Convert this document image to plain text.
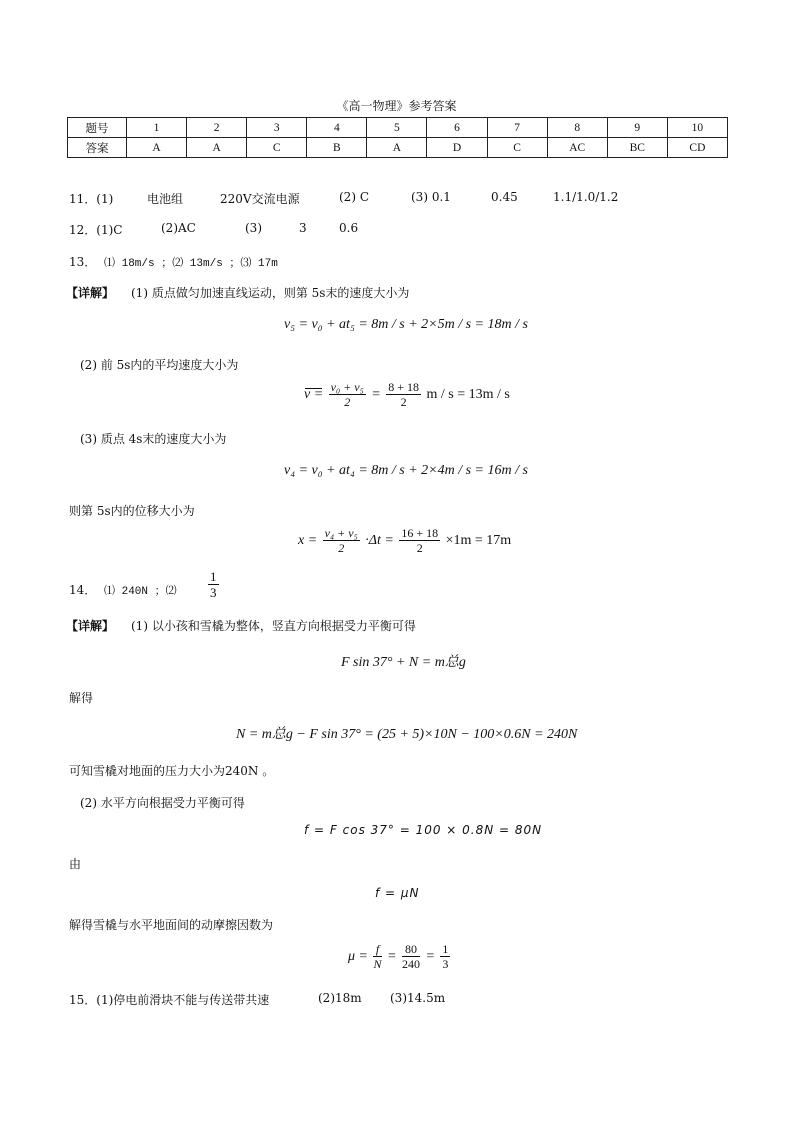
《高一物理》参考答案
题号	1	2	3	4	5	6	7	8	9	10
答案	A	A	C	B	A	D	C	AC	BC	CD
11．(1)	电池组	220V交流电源	(2) C	(3) 0.1	0.45	1.1/1.0/1.2
12．(1)C	(2)AC	(3)	3	0.6
13． ⑴ 18m/s ；⑵ 13m/s ；⑶ 17m
【详解】 (1) 质点做匀加速直线运动，则第 5s末的速度大小为
v₅ = v₀ + at₅ = 8m / s + 2×5m / s = 18m / s
(2) 前 5s内的平均速度大小为
$v = \frac{\text{v₀ + v₅}}{2} = \frac{8 + 18}{2}$ m / s = 13m / s
(3) 质点 4s末的速度大小为
v₄ = v₀ + at₄ = 8m / s + 2×4m / s = 16m / s
则第 5s内的位移大小为
$x = \frac{\text{v₄ + v₅}}{2} \cdot\Delta t = \frac{16 + 18}{2} \times 1m = 17m$
14． ⑴ 240N ；⑵ $\frac{1}{3}$
【详解】 (1) 以小孩和雪橇为整体，竖直方向根据受力平衡可得
F sin 37° + N = m总g
解得
N = m总g − F sin 37° = (25 + 5)×10N − 100×0.6N = 240N
可知雪橇对地面的压力大小为240N 。
(2) 水平方向根据受力平衡可得
f = F cos 37° = 100 × 0.8N = 80N
由
f = μN
解得雪橇与水平地面间的动摩擦因数为
$\mu = \frac{f}{N} = \frac{80}{240} = \frac{1}{3}$
15．(1)停电前滑块不能与传送带共速	(2)18m (3)14.5m
